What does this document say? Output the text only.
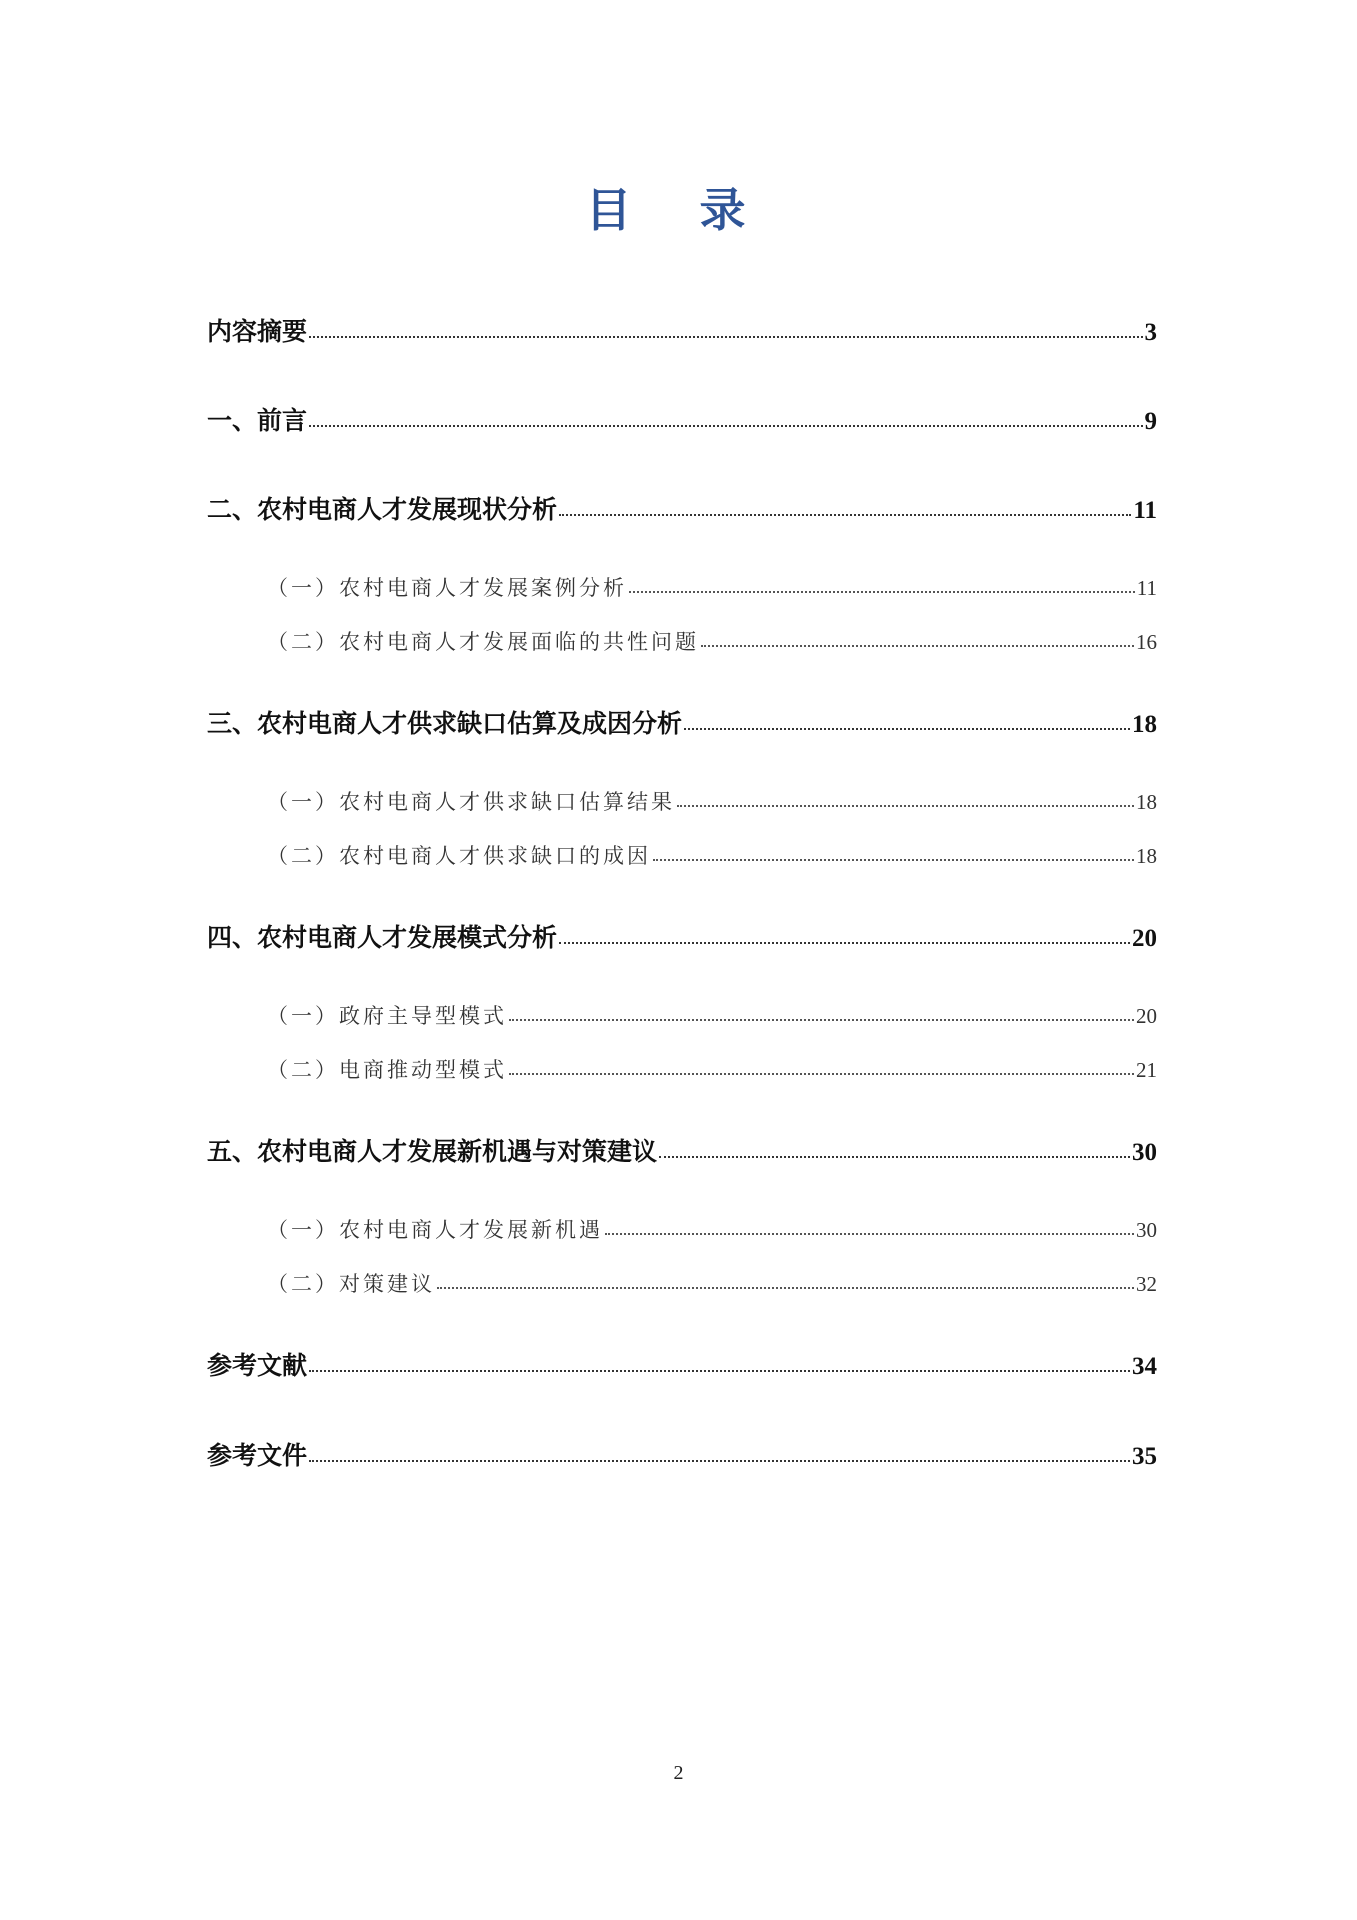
目 录
内容摘要	3
一、前言	9
二、农村电商人才发展现状分析	11
（一）农村电商人才发展案例分析	11
（二）农村电商人才发展面临的共性问题	16
三、农村电商人才供求缺口估算及成因分析	18
（一）农村电商人才供求缺口估算结果	18
（二）农村电商人才供求缺口的成因	18
四、农村电商人才发展模式分析	20
（一）政府主导型模式	20
（二）电商推动型模式	21
五、农村电商人才发展新机遇与对策建议	30
（一）农村电商人才发展新机遇	30
（二）对策建议	32
参考文献	34
参考文件	35
2
